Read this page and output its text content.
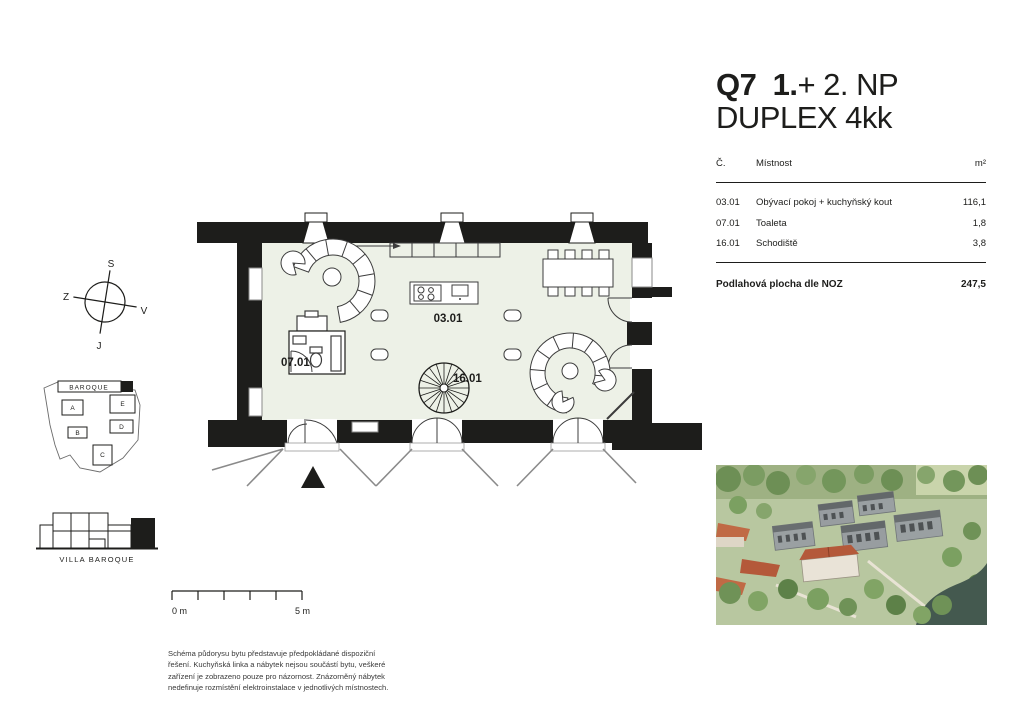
Q7 1.+ 2. NP
DUPLEX 4kk
Č.	Místnost	m²
03.01	Obývací pokoj + kuchyňský kout	116,1
07.01	Toaleta	1,8
16.01	Schodiště	3,8
Podlahová plocha dle NOZ	247,5
S
J
Z
V
BAROQUE
A
B
C
D
E
VILLA BAROQUE
0 m	5 m
Schéma půdorysu bytu představuje předpokládané dispoziční
řešení. Kuchyňská linka a nábytek nejsou součástí bytu, veškeré
zařízení je zobrazeno pouze pro názornost. Znázorněný nábytek
nedefinuje rozmístění elektroinstalace v jednotlivých místnostech.
03.01
07.01
16.01
